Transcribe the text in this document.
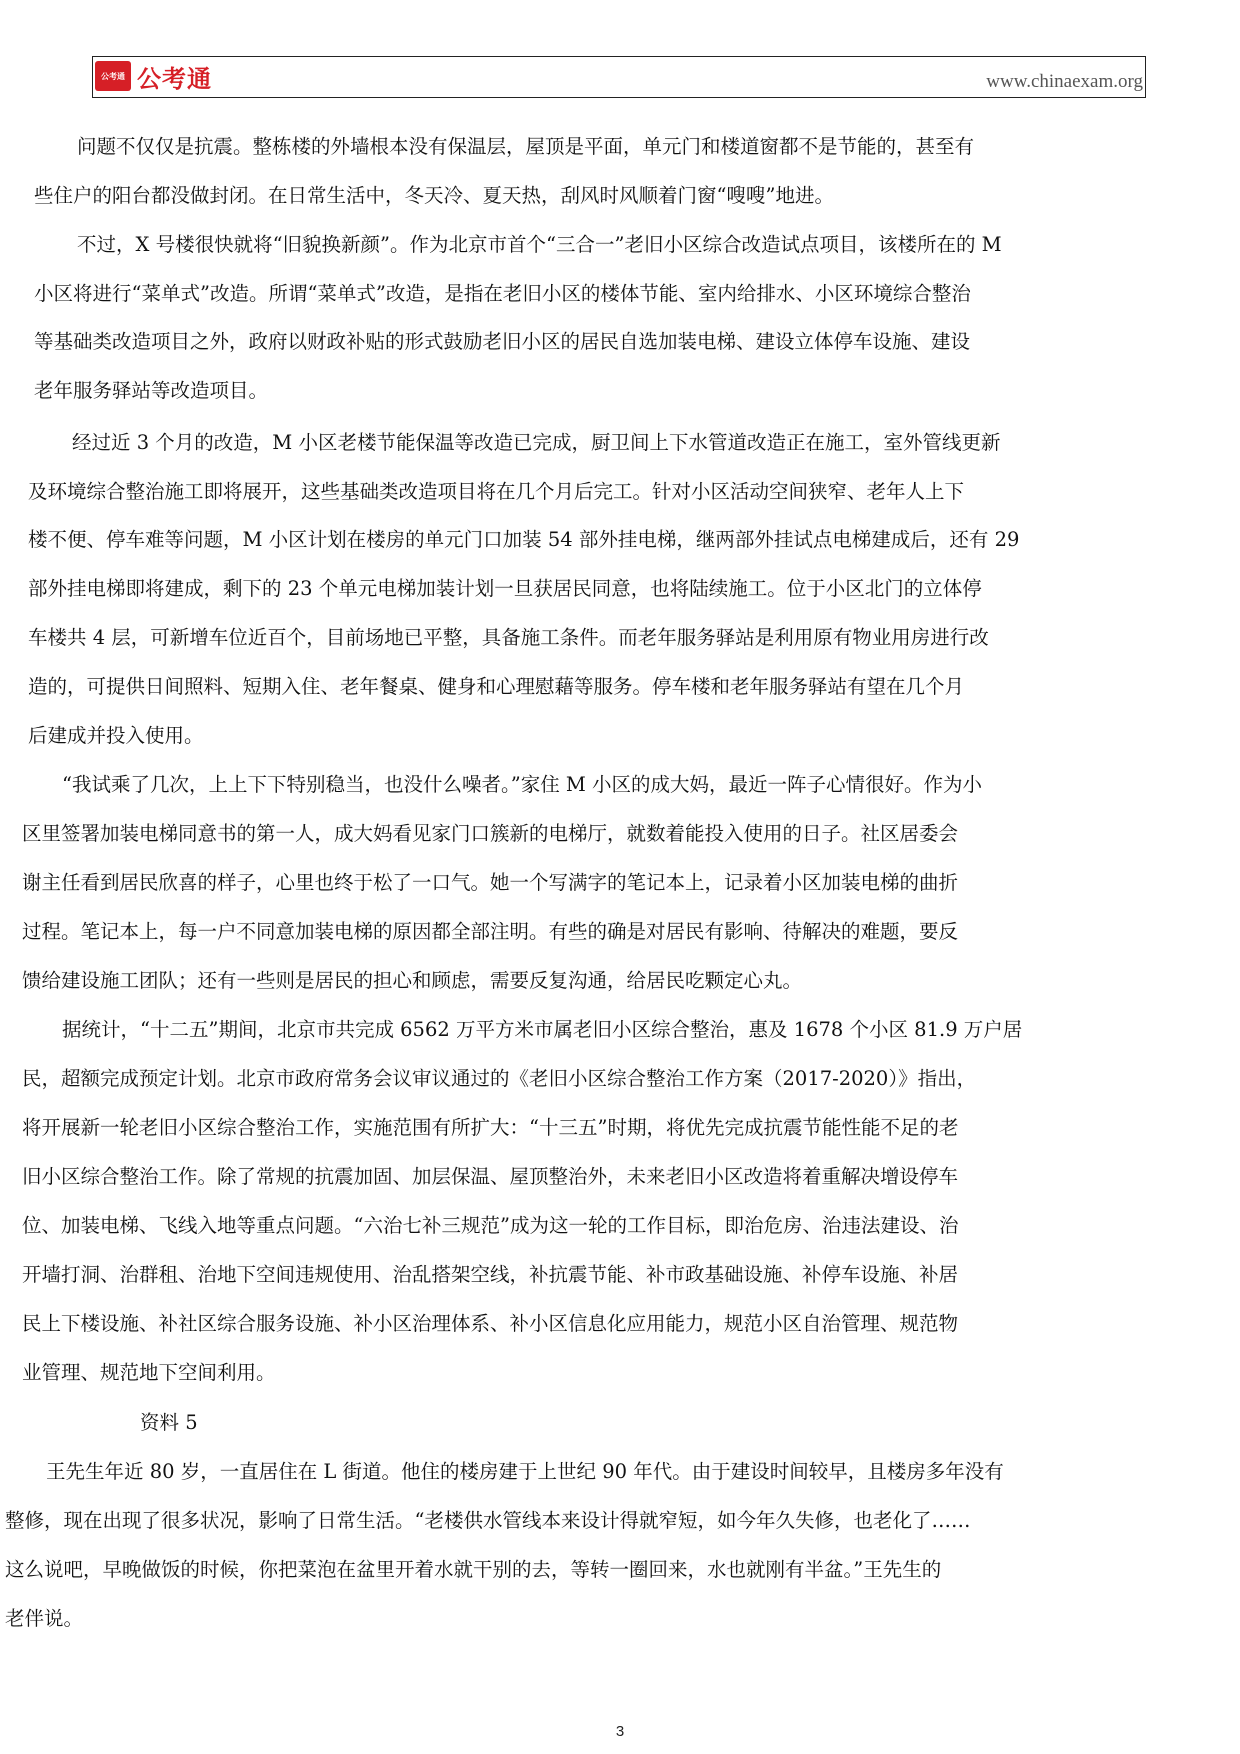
公考通 公考通	www.chinaexam.org
问题不仅仅是抗震。整栋楼的外墙根本没有保温层，屋顶是平面，单元门和楼道窗都不是节能的，甚至有
些住户的阳台都没做封闭。在日常生活中，冬天冷、夏天热，刮风时风顺着门窗“嗖嗖”地进。
不过，X 号楼很快就将“旧貌换新颜”。作为北京市首个“三合一”老旧小区综合改造试点项目，该楼所在的 M
小区将进行“菜单式”改造。所谓“菜单式”改造，是指在老旧小区的楼体节能、室内给排水、小区环境综合整治
等基础类改造项目之外，政府以财政补贴的形式鼓励老旧小区的居民自选加装电梯、建设立体停车设施、建设
老年服务驿站等改造项目。
经过近 3 个月的改造，M 小区老楼节能保温等改造已完成，厨卫间上下水管道改造正在施工，室外管线更新
及环境综合整治施工即将展开，这些基础类改造项目将在几个月后完工。针对小区活动空间狭窄、老年人上下
楼不便、停车难等问题，M 小区计划在楼房的单元门口加装 54 部外挂电梯，继两部外挂试点电梯建成后，还有 29
部外挂电梯即将建成，剩下的 23 个单元电梯加装计划一旦获居民同意，也将陆续施工。位于小区北门的立体停
车楼共 4 层，可新增车位近百个，目前场地已平整，具备施工条件。而老年服务驿站是利用原有物业用房进行改
造的，可提供日间照料、短期入住、老年餐桌、健身和心理慰藉等服务。停车楼和老年服务驿站有望在几个月
后建成并投入使用。
“我试乘了几次，上上下下特别稳当，也没什么噪者。”家住 M 小区的成大妈，最近一阵子心情很好。作为小
区里签署加装电梯同意书的第一人，成大妈看见家门口簇新的电梯厅，就数着能投入使用的日子。社区居委会
谢主任看到居民欣喜的样子，心里也终于松了一口气。她一个写满字的笔记本上，记录着小区加装电梯的曲折
过程。笔记本上，每一户不同意加装电梯的原因都全部注明。有些的确是对居民有影响、待解决的难题，要反
馈给建设施工团队；还有一些则是居民的担心和顾虑，需要反复沟通，给居民吃颗定心丸。
据统计，“十二五”期间，北京市共完成 6562 万平方米市属老旧小区综合整治，惠及 1678 个小区 81.9 万户居
民，超额完成预定计划。北京市政府常务会议审议通过的《老旧小区综合整治工作方案（2017-2020）》指出，
将开展新一轮老旧小区综合整治工作，实施范围有所扩大：“十三五”时期，将优先完成抗震节能性能不足的老
旧小区综合整治工作。除了常规的抗震加固、加层保温、屋顶整治外，未来老旧小区改造将着重解决增设停车
位、加装电梯、飞线入地等重点问题。“六治七补三规范”成为这一轮的工作目标，即治危房、治违法建设、治
开墙打洞、治群租、治地下空间违规使用、治乱搭架空线，补抗震节能、补市政基础设施、补停车设施、补居
民上下楼设施、补社区综合服务设施、补小区治理体系、补小区信息化应用能力，规范小区自治管理、规范物
业管理、规范地下空间利用。
资料 5
王先生年近 80 岁，一直居住在 L 街道。他住的楼房建于上世纪 90 年代。由于建设时间较早，且楼房多年没有
整修，现在出现了很多状况，影响了日常生活。“老楼供水管线本来设计得就窄短，如今年久失修，也老化了……
这么说吧，早晚做饭的时候，你把菜泡在盆里开着水就干别的去，等转一圈回来，水也就刚有半盆。”王先生的
老伴说。
3
